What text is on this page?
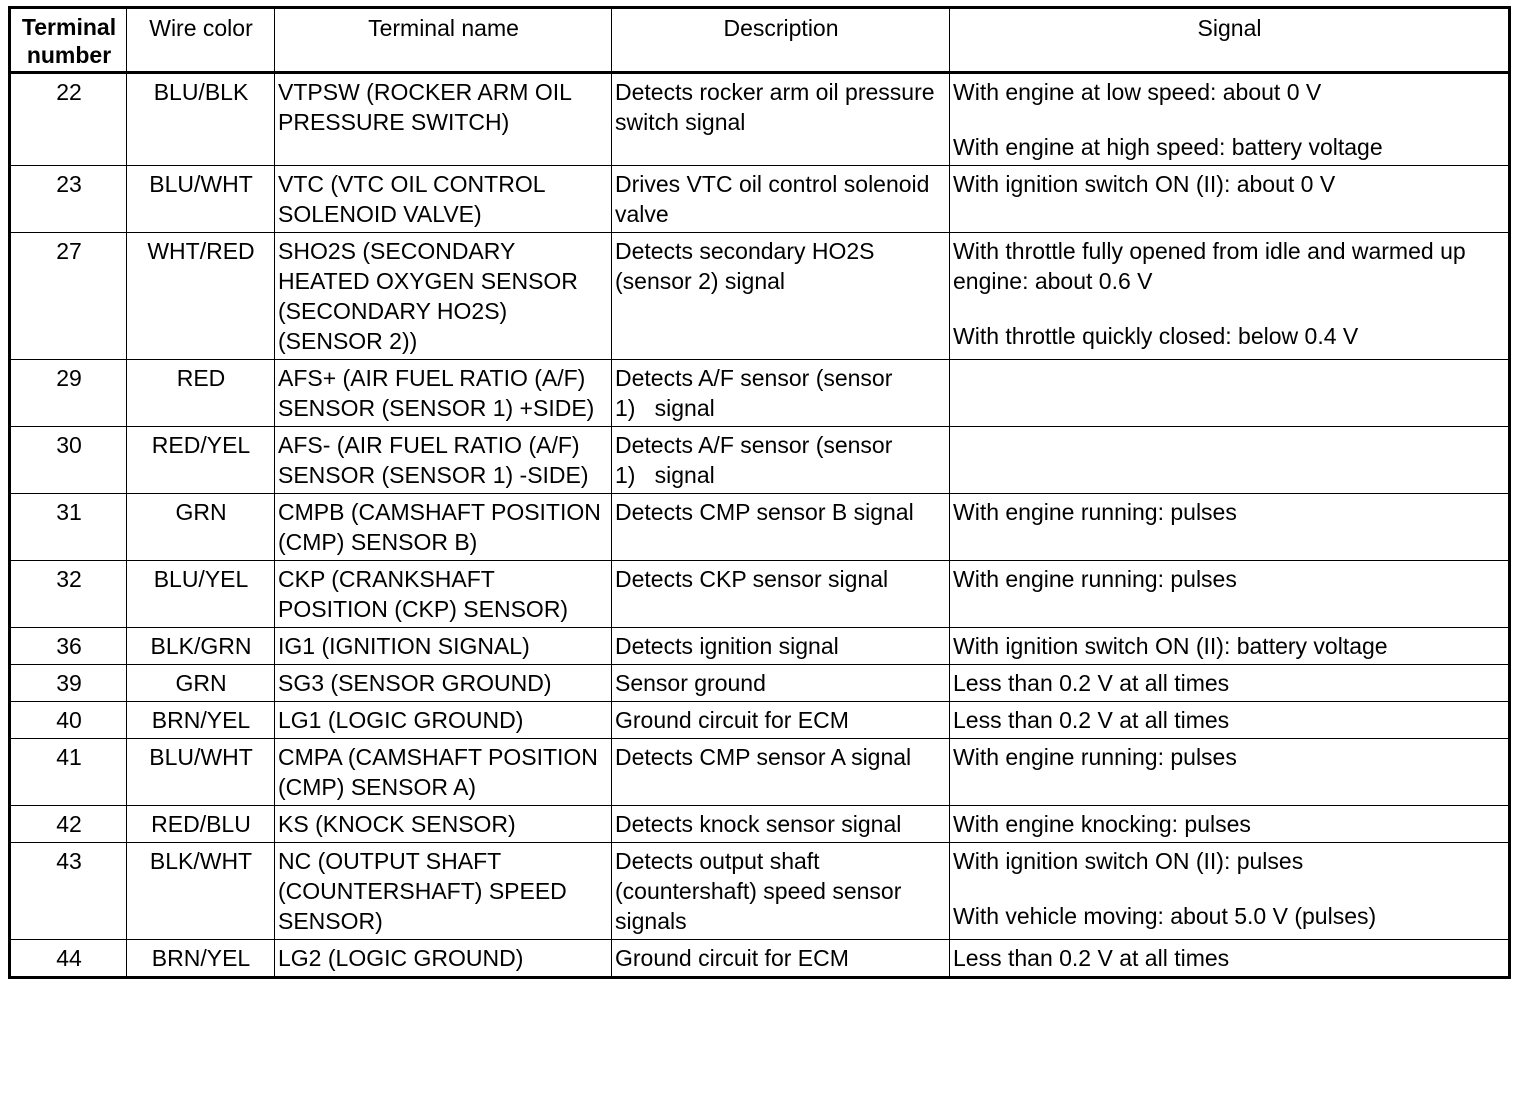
Terminal number	Wire color	Terminal name	Description	Signal
22	BLU/BLK	VTPSW (ROCKER ARM OIL PRESSURE SWITCH)	Detects rocker arm oil pressure switch signal	With engine at low speed: about 0 V
With engine at high speed: battery voltage

23	BLU/WHT	VTC (VTC OIL CONTROL SOLENOID VALVE)	Drives VTC oil control solenoid valve	With ignition switch ON (II): about 0 V

27	WHT/RED	SHO2S (SECONDARY HEATED OXYGEN SENSOR (SECONDARY HO2S) (SENSOR 2))	Detects secondary HO2S (sensor 2) signal	With throttle fully opened from idle and warmed up engine: about 0.6 V
With throttle quickly closed: below 0.4 V

29	RED	AFS+ (AIR FUEL RATIO (A/F) SENSOR (SENSOR 1) +SIDE)	Detects A/F sensor (sensor 1)   signal	
30	RED/YEL	AFS- (AIR FUEL RATIO (A/F) SENSOR (SENSOR 1) -SIDE)	Detects A/F sensor (sensor 1)   signal	
31	GRN	CMPB (CAMSHAFT POSITION (CMP) SENSOR B)	Detects CMP sensor B signal	With engine running: pulses

32	BLU/YEL	CKP (CRANKSHAFT POSITION (CKP) SENSOR)	Detects CKP sensor signal	With engine running: pulses

36	BLK/GRN	IG1 (IGNITION SIGNAL)	Detects ignition signal	With ignition switch ON (II): battery voltage

39	GRN	SG3 (SENSOR GROUND)	Sensor ground	Less than 0.2 V at all times

40	BRN/YEL	LG1 (LOGIC GROUND)	Ground circuit for ECM	Less than 0.2 V at all times

41	BLU/WHT	CMPA (CAMSHAFT POSITION (CMP) SENSOR A)	Detects CMP sensor A signal	With engine running: pulses

42	RED/BLU	KS (KNOCK SENSOR)	Detects knock sensor signal	With engine knocking: pulses

43	BLK/WHT	NC (OUTPUT SHAFT (COUNTERSHAFT) SPEED SENSOR)	Detects output shaft (countershaft) speed sensor signals	With ignition switch ON (II): pulses
With vehicle moving: about 5.0 V (pulses)

44	BRN/YEL	LG2 (LOGIC GROUND)	Ground circuit for ECM	Less than 0.2 V at all times
